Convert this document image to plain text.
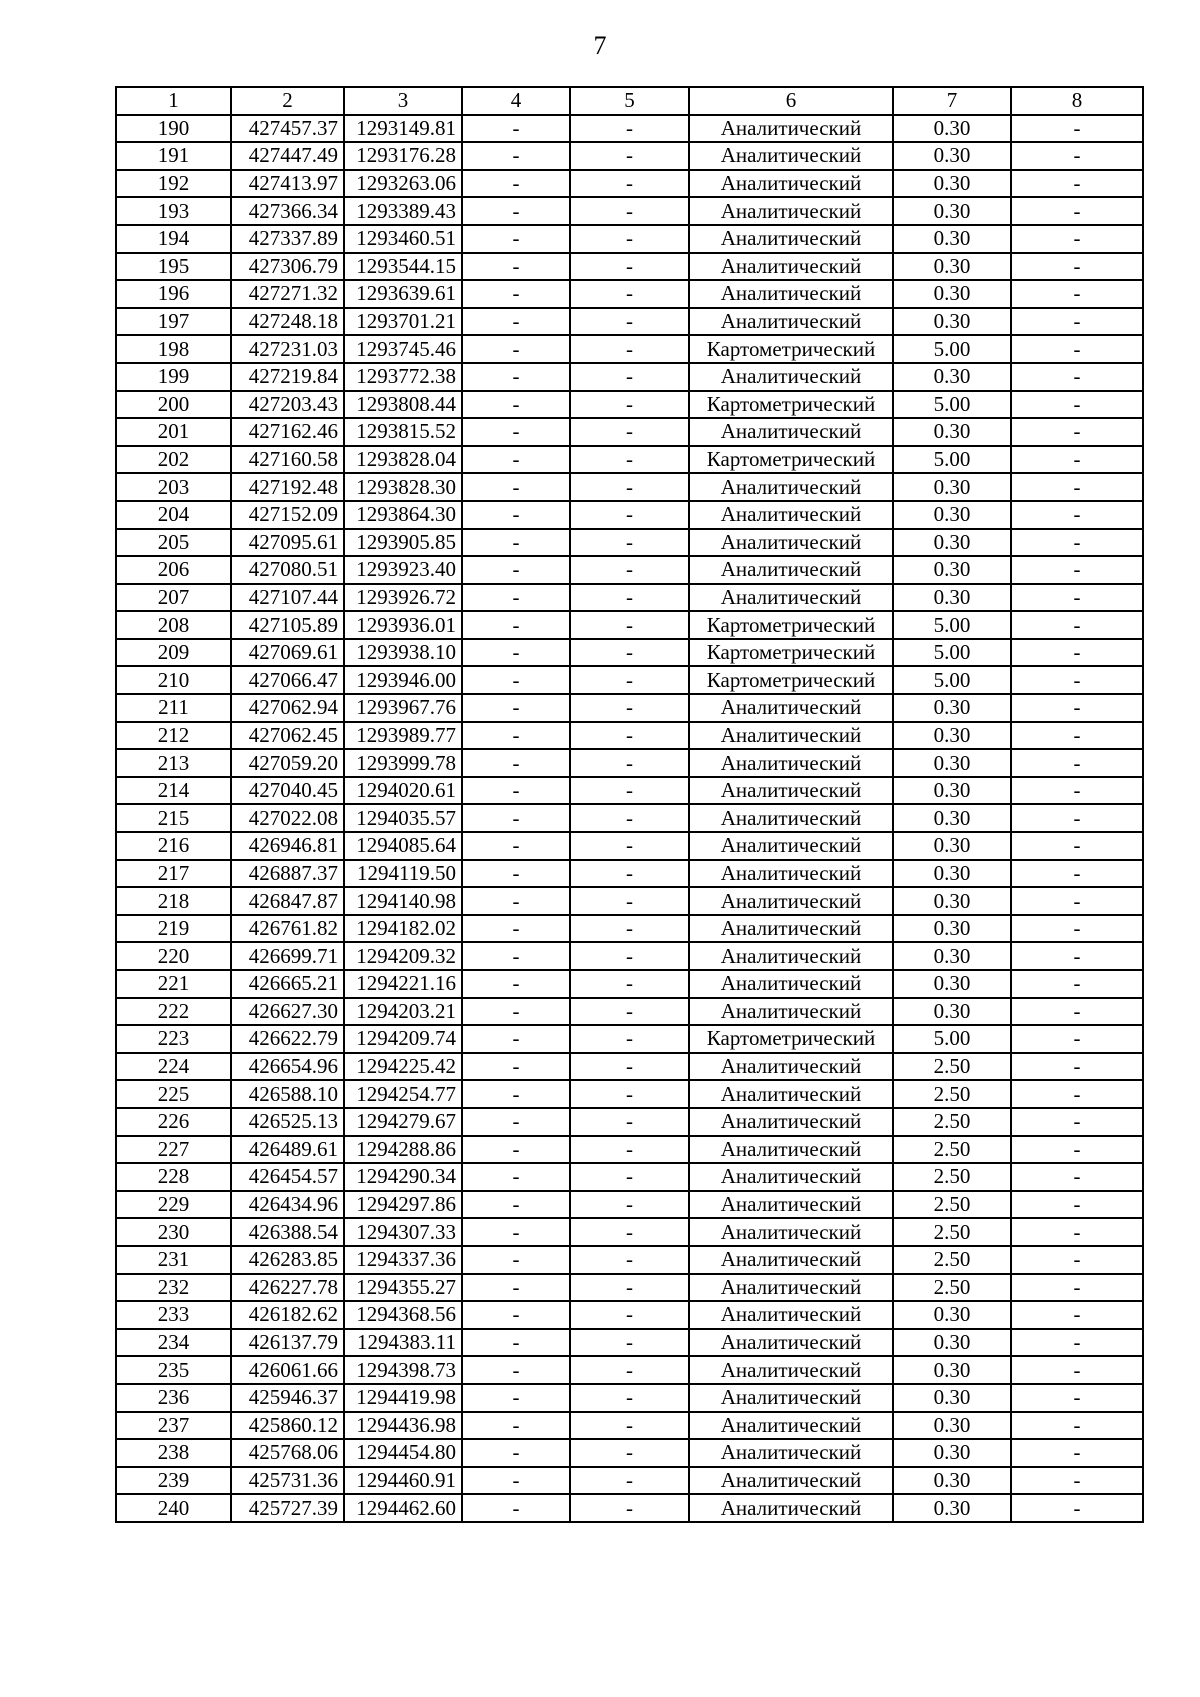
7
1	2	3	4	5	6	7	8
190	427457.37	1293149.81	-	-	Аналитический	0.30	-
191	427447.49	1293176.28	-	-	Аналитический	0.30	-
192	427413.97	1293263.06	-	-	Аналитический	0.30	-
193	427366.34	1293389.43	-	-	Аналитический	0.30	-
194	427337.89	1293460.51	-	-	Аналитический	0.30	-
195	427306.79	1293544.15	-	-	Аналитический	0.30	-
196	427271.32	1293639.61	-	-	Аналитический	0.30	-
197	427248.18	1293701.21	-	-	Аналитический	0.30	-
198	427231.03	1293745.46	-	-	Картометрический	5.00	-
199	427219.84	1293772.38	-	-	Аналитический	0.30	-
200	427203.43	1293808.44	-	-	Картометрический	5.00	-
201	427162.46	1293815.52	-	-	Аналитический	0.30	-
202	427160.58	1293828.04	-	-	Картометрический	5.00	-
203	427192.48	1293828.30	-	-	Аналитический	0.30	-
204	427152.09	1293864.30	-	-	Аналитический	0.30	-
205	427095.61	1293905.85	-	-	Аналитический	0.30	-
206	427080.51	1293923.40	-	-	Аналитический	0.30	-
207	427107.44	1293926.72	-	-	Аналитический	0.30	-
208	427105.89	1293936.01	-	-	Картометрический	5.00	-
209	427069.61	1293938.10	-	-	Картометрический	5.00	-
210	427066.47	1293946.00	-	-	Картометрический	5.00	-
211	427062.94	1293967.76	-	-	Аналитический	0.30	-
212	427062.45	1293989.77	-	-	Аналитический	0.30	-
213	427059.20	1293999.78	-	-	Аналитический	0.30	-
214	427040.45	1294020.61	-	-	Аналитический	0.30	-
215	427022.08	1294035.57	-	-	Аналитический	0.30	-
216	426946.81	1294085.64	-	-	Аналитический	0.30	-
217	426887.37	1294119.50	-	-	Аналитический	0.30	-
218	426847.87	1294140.98	-	-	Аналитический	0.30	-
219	426761.82	1294182.02	-	-	Аналитический	0.30	-
220	426699.71	1294209.32	-	-	Аналитический	0.30	-
221	426665.21	1294221.16	-	-	Аналитический	0.30	-
222	426627.30	1294203.21	-	-	Аналитический	0.30	-
223	426622.79	1294209.74	-	-	Картометрический	5.00	-
224	426654.96	1294225.42	-	-	Аналитический	2.50	-
225	426588.10	1294254.77	-	-	Аналитический	2.50	-
226	426525.13	1294279.67	-	-	Аналитический	2.50	-
227	426489.61	1294288.86	-	-	Аналитический	2.50	-
228	426454.57	1294290.34	-	-	Аналитический	2.50	-
229	426434.96	1294297.86	-	-	Аналитический	2.50	-
230	426388.54	1294307.33	-	-	Аналитический	2.50	-
231	426283.85	1294337.36	-	-	Аналитический	2.50	-
232	426227.78	1294355.27	-	-	Аналитический	2.50	-
233	426182.62	1294368.56	-	-	Аналитический	0.30	-
234	426137.79	1294383.11	-	-	Аналитический	0.30	-
235	426061.66	1294398.73	-	-	Аналитический	0.30	-
236	425946.37	1294419.98	-	-	Аналитический	0.30	-
237	425860.12	1294436.98	-	-	Аналитический	0.30	-
238	425768.06	1294454.80	-	-	Аналитический	0.30	-
239	425731.36	1294460.91	-	-	Аналитический	0.30	-
240	425727.39	1294462.60	-	-	Аналитический	0.30	-
